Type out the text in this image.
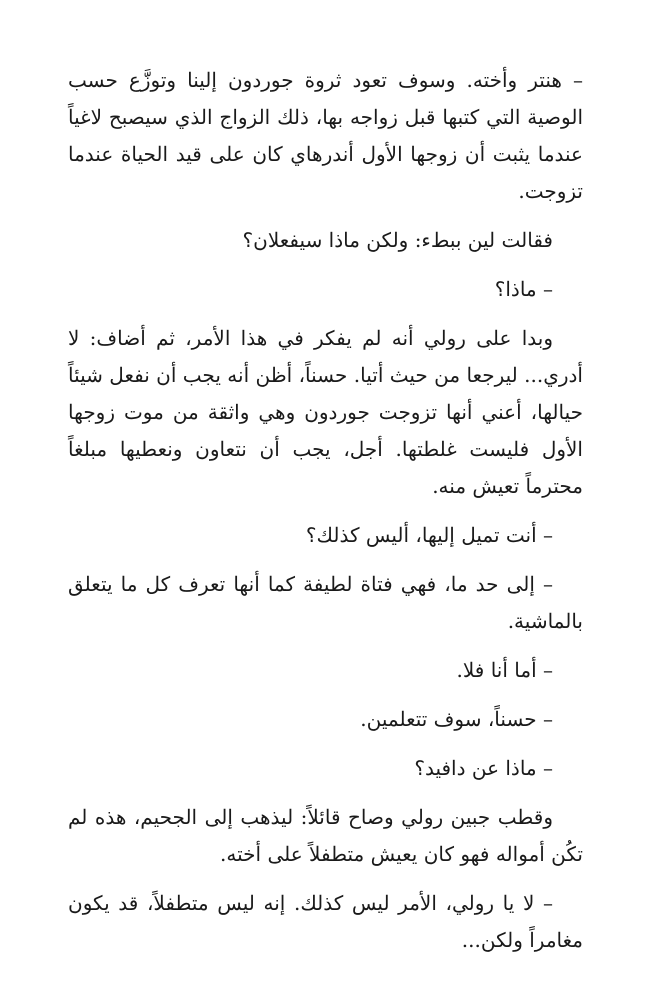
– هنتر وأخته. وسوف تعود ثروة جوردون إلينا وتوزَّع حسب الوصية التي كتبها قبل زواجه بها، ذلك الزواج الذي سيصبح لاغياً عندما يثبت أن زوجها الأول أندرهاي كان على قيد الحياة عندما تزوجت.

فقالت لين ببطء: ولكن ماذا سيفعلان؟

– ماذا؟

وبدا على رولي أنه لم يفكر في هذا الأمر، ثم أضاف: لا أدري... ليرجعا من حيث أتيا. حسناً، أظن أنه يجب أن نفعل شيئاً حيالها، أعني أنها تزوجت جوردون وهي واثقة من موت زوجها الأول فليست غلطتها. أجل، يجب أن نتعاون ونعطيها مبلغاً محترماً تعيش منه.

– أنت تميل إليها، أليس كذلك؟

– إلى حد ما، فهي فتاة لطيفة كما أنها تعرف كل ما يتعلق بالماشية.

– أما أنا فلا.

– حسناً، سوف تتعلمين.

– ماذا عن دافيد؟

وقطب جبين رولي وصاح قائلاً: ليذهب إلى الجحيم، هذه لم تكُن أمواله فهو كان يعيش متطفلاً على أخته.

– لا يا رولي، الأمر ليس كذلك. إنه ليس متطفلاً، قد يكون مغامراً ولكن...
